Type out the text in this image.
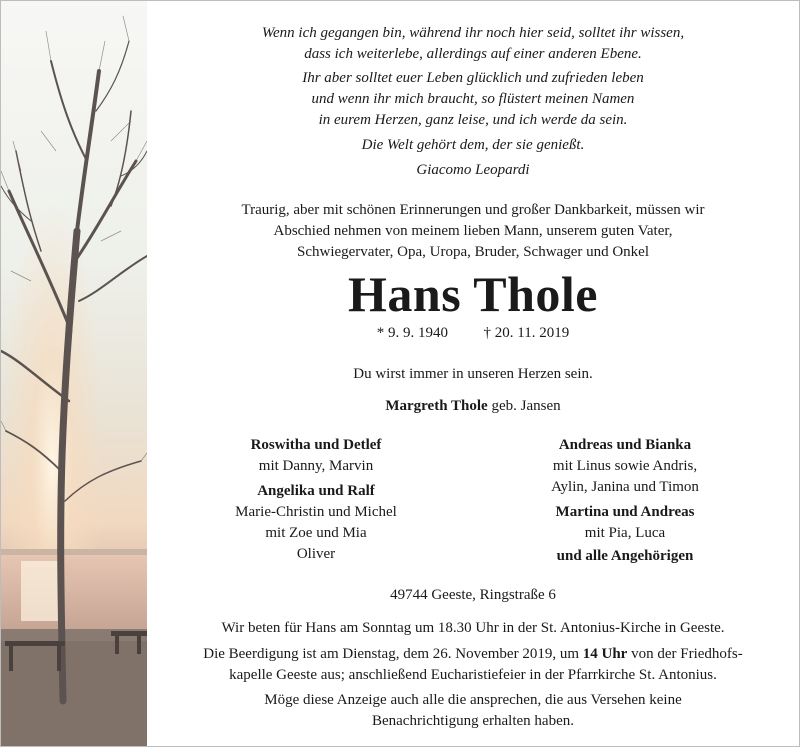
Wenn ich gegangen bin, während ihr noch hier seid, solltet ihr wissen,
dass ich weiterlebe, allerdings auf einer anderen Ebene.
Ihr aber solltet euer Leben glücklich und zufrieden leben
und wenn ihr mich braucht, so flüstert meinen Namen
in eurem Herzen, ganz leise, und ich werde da sein.
Die Welt gehört dem, der sie genießt.
Giacomo Leopardi
Traurig, aber mit schönen Erinnerungen und großer Dankbarkeit, müssen wir
Abschied nehmen von meinem lieben Mann, unserem guten Vater,
Schwiegervater, Opa, Uropa, Bruder, Schwager und Onkel
Hans Thole
* 9. 9. 1940 † 20. 11. 2019
Du wirst immer in unseren Herzen sein.
Margreth Thole geb. Jansen
Roswitha und Detlef
mit Danny, Marvin
Angelika und Ralf
Marie-Christin und Michel
mit Zoe und Mia
Oliver
Andreas und Bianka
mit Linus sowie Andris,
Aylin, Janina und Timon
Martina und Andreas
mit Pia, Luca
und alle Angehörigen
49744 Geeste, Ringstraße 6
Wir beten für Hans am Sonntag um 18.30 Uhr in der St. Antonius-Kirche in Geeste.
Die Beerdigung ist am Dienstag, dem 26. November 2019, um 14 Uhr von der Friedhofs-
kapelle Geeste aus; anschließend Eucharistiefeier in der Pfarrkirche St. Antonius.
Möge diese Anzeige auch alle die ansprechen, die aus Versehen keine
Benachrichtigung erhalten haben.
